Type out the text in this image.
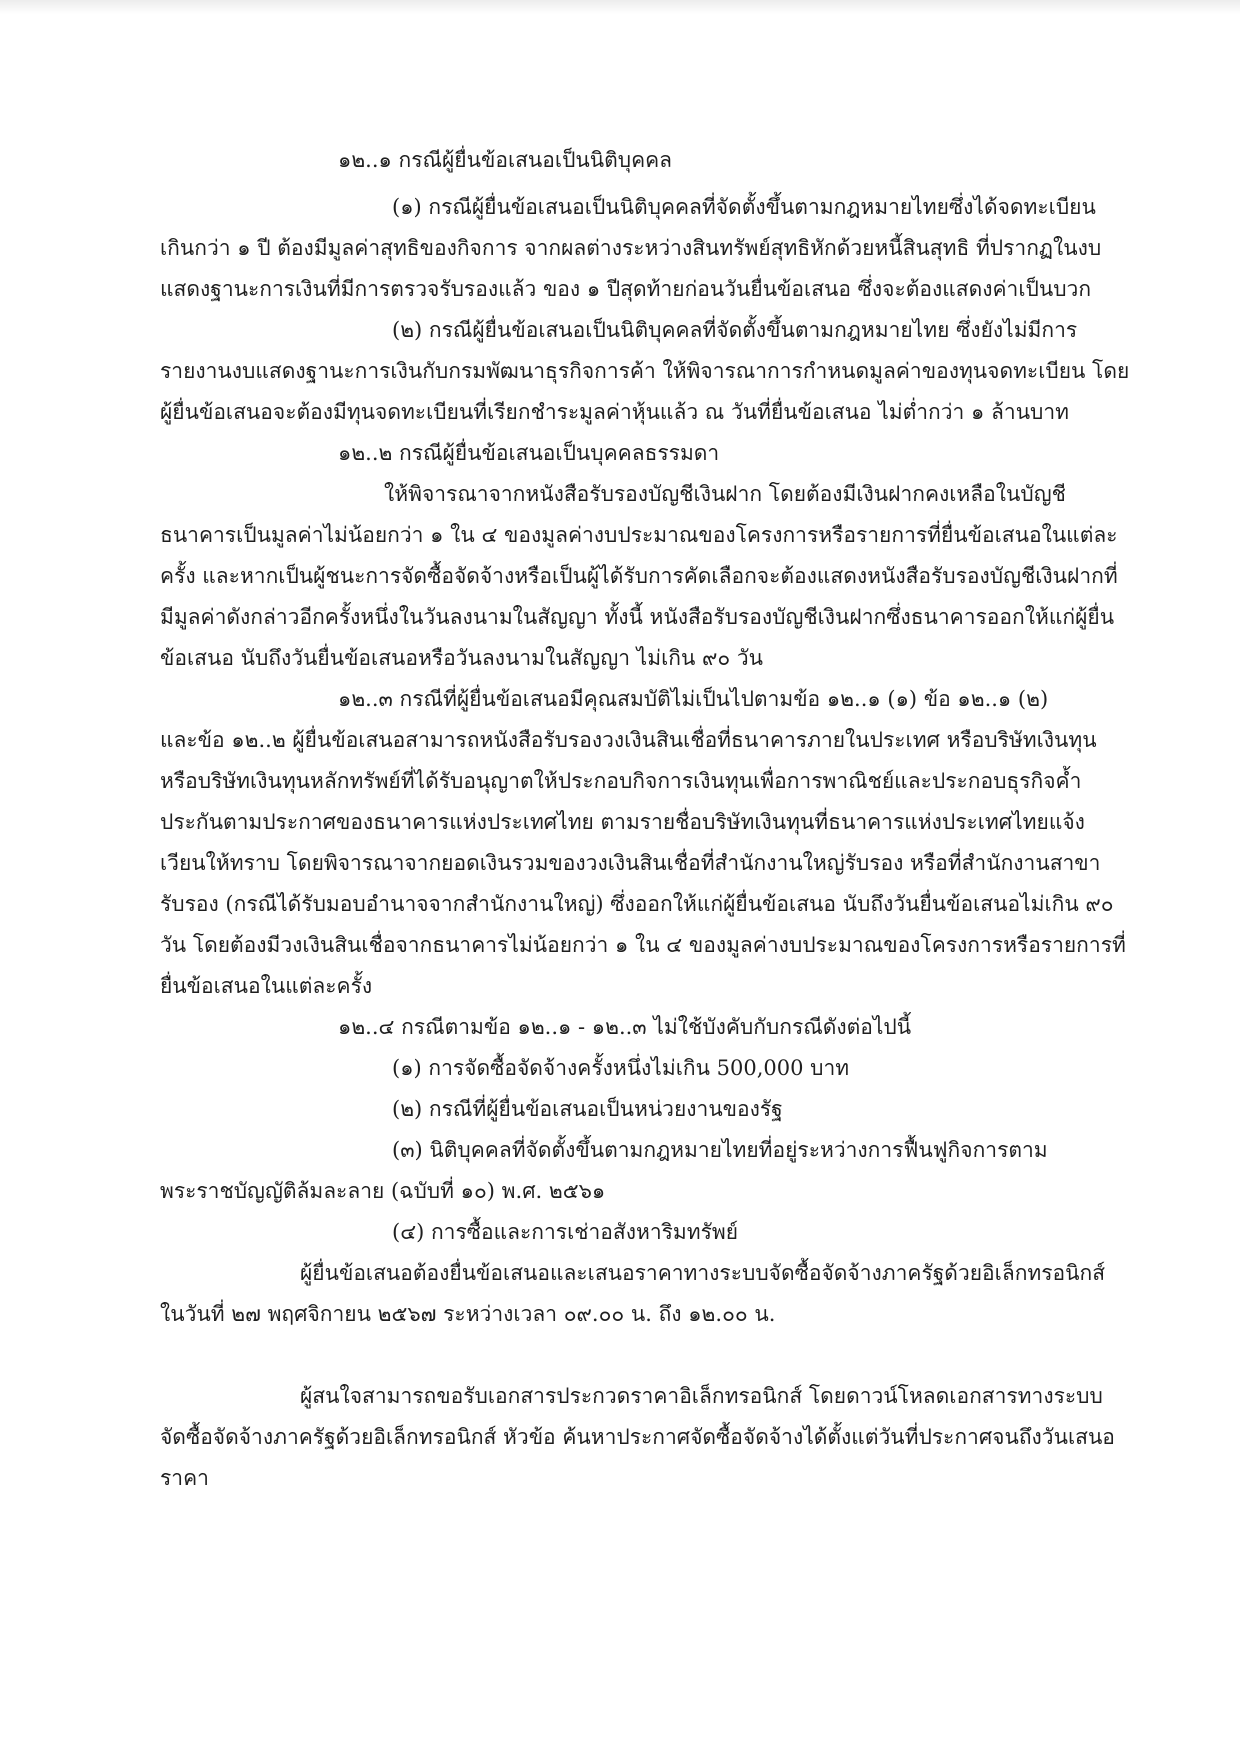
๑๒..๑ กรณีผู้ยื่นข้อเสนอเป็นนิติบุคคล

(๑) กรณีผู้ยื่นข้อเสนอเป็นนิติบุคคลที่จัดตั้งขึ้นตามกฎหมายไทยซึ่งได้จดทะเบียน

เกินกว่า ๑ ปี ต้องมีมูลค่าสุทธิของกิจการ จากผลต่างระหว่างสินทรัพย์สุทธิหักด้วยหนี้สินสุทธิ ที่ปรากฏในงบ

แสดงฐานะการเงินที่มีการตรวจรับรองแล้ว ของ ๑ ปีสุดท้ายก่อนวันยื่นข้อเสนอ ซึ่งจะต้องแสดงค่าเป็นบวก

(๒) กรณีผู้ยื่นข้อเสนอเป็นนิติบุคคลที่จัดตั้งขึ้นตามกฎหมายไทย ซึ่งยังไม่มีการ

รายงานงบแสดงฐานะการเงินกับกรมพัฒนาธุรกิจการค้า ให้พิจารณาการกำหนดมูลค่าของทุนจดทะเบียน โดย

ผู้ยื่นข้อเสนอจะต้องมีทุนจดทะเบียนที่เรียกชำระมูลค่าหุ้นแล้ว ณ วันที่ยื่นข้อเสนอ ไม่ต่ำกว่า ๑ ล้านบาท

๑๒..๒ กรณีผู้ยื่นข้อเสนอเป็นบุคคลธรรมดา

ให้พิจารณาจากหนังสือรับรองบัญชีเงินฝาก โดยต้องมีเงินฝากคงเหลือในบัญชี

ธนาคารเป็นมูลค่าไม่น้อยกว่า ๑ ใน ๔ ของมูลค่างบประมาณของโครงการหรือรายการที่ยื่นข้อเสนอในแต่ละ

ครั้ง และหากเป็นผู้ชนะการจัดซื้อจัดจ้างหรือเป็นผู้ได้รับการคัดเลือกจะต้องแสดงหนังสือรับรองบัญชีเงินฝากที่

มีมูลค่าดังกล่าวอีกครั้งหนึ่งในวันลงนามในสัญญา ทั้งนี้ หนังสือรับรองบัญชีเงินฝากซึ่งธนาคารออกให้แก่ผู้ยื่น

ข้อเสนอ นับถึงวันยื่นข้อเสนอหรือวันลงนามในสัญญา ไม่เกิน ๙๐ วัน

๑๒..๓ กรณีที่ผู้ยื่นข้อเสนอมีคุณสมบัติไม่เป็นไปตามข้อ ๑๒..๑ (๑) ข้อ ๑๒..๑ (๒)

และข้อ ๑๒..๒ ผู้ยื่นข้อเสนอสามารถหนังสือรับรองวงเงินสินเชื่อที่ธนาคารภายในประเทศ หรือบริษัทเงินทุน

หรือบริษัทเงินทุนหลักทรัพย์ที่ได้รับอนุญาตให้ประกอบกิจการเงินทุนเพื่อการพาณิชย์และประกอบธุรกิจค้ำ

ประกันตามประกาศของธนาคารแห่งประเทศไทย ตามรายชื่อบริษัทเงินทุนที่ธนาคารแห่งประเทศไทยแจ้ง

เวียนให้ทราบ โดยพิจารณาจากยอดเงินรวมของวงเงินสินเชื่อที่สำนักงานใหญ่รับรอง หรือที่สำนักงานสาขา

รับรอง (กรณีได้รับมอบอำนาจจากสำนักงานใหญ่) ซึ่งออกให้แก่ผู้ยื่นข้อเสนอ นับถึงวันยื่นข้อเสนอไม่เกิน ๙๐

วัน โดยต้องมีวงเงินสินเชื่อจากธนาคารไม่น้อยกว่า ๑ ใน ๔ ของมูลค่างบประมาณของโครงการหรือรายการที่

ยื่นข้อเสนอในแต่ละครั้ง

๑๒..๔ กรณีตามข้อ ๑๒..๑ - ๑๒..๓ ไม่ใช้บังคับกับกรณีดังต่อไปนี้

(๑) การจัดซื้อจัดจ้างครั้งหนึ่งไม่เกิน 500,000 บาท

(๒) กรณีที่ผู้ยื่นข้อเสนอเป็นหน่วยงานของรัฐ

(๓) นิติบุคคลที่จัดตั้งขึ้นตามกฎหมายไทยที่อยู่ระหว่างการฟื้นฟูกิจการตาม

พระราชบัญญัติล้มละลาย (ฉบับที่ ๑๐) พ.ศ. ๒๕๖๑

(๔) การซื้อและการเช่าอสังหาริมทรัพย์

ผู้ยื่นข้อเสนอต้องยื่นข้อเสนอและเสนอราคาทางระบบจัดซื้อจัดจ้างภาครัฐด้วยอิเล็กทรอนิกส์

ในวันที่ ๒๗ พฤศจิกายน ๒๕๖๗ ระหว่างเวลา ๐๙.๐๐ น. ถึง ๑๒.๐๐ น.

ผู้สนใจสามารถขอรับเอกสารประกวดราคาอิเล็กทรอนิกส์ โดยดาวน์โหลดเอกสารทางระบบ

จัดซื้อจัดจ้างภาครัฐด้วยอิเล็กทรอนิกส์ หัวข้อ ค้นหาประกาศจัดซื้อจัดจ้างได้ตั้งแต่วันที่ประกาศจนถึงวันเสนอ

ราคา
